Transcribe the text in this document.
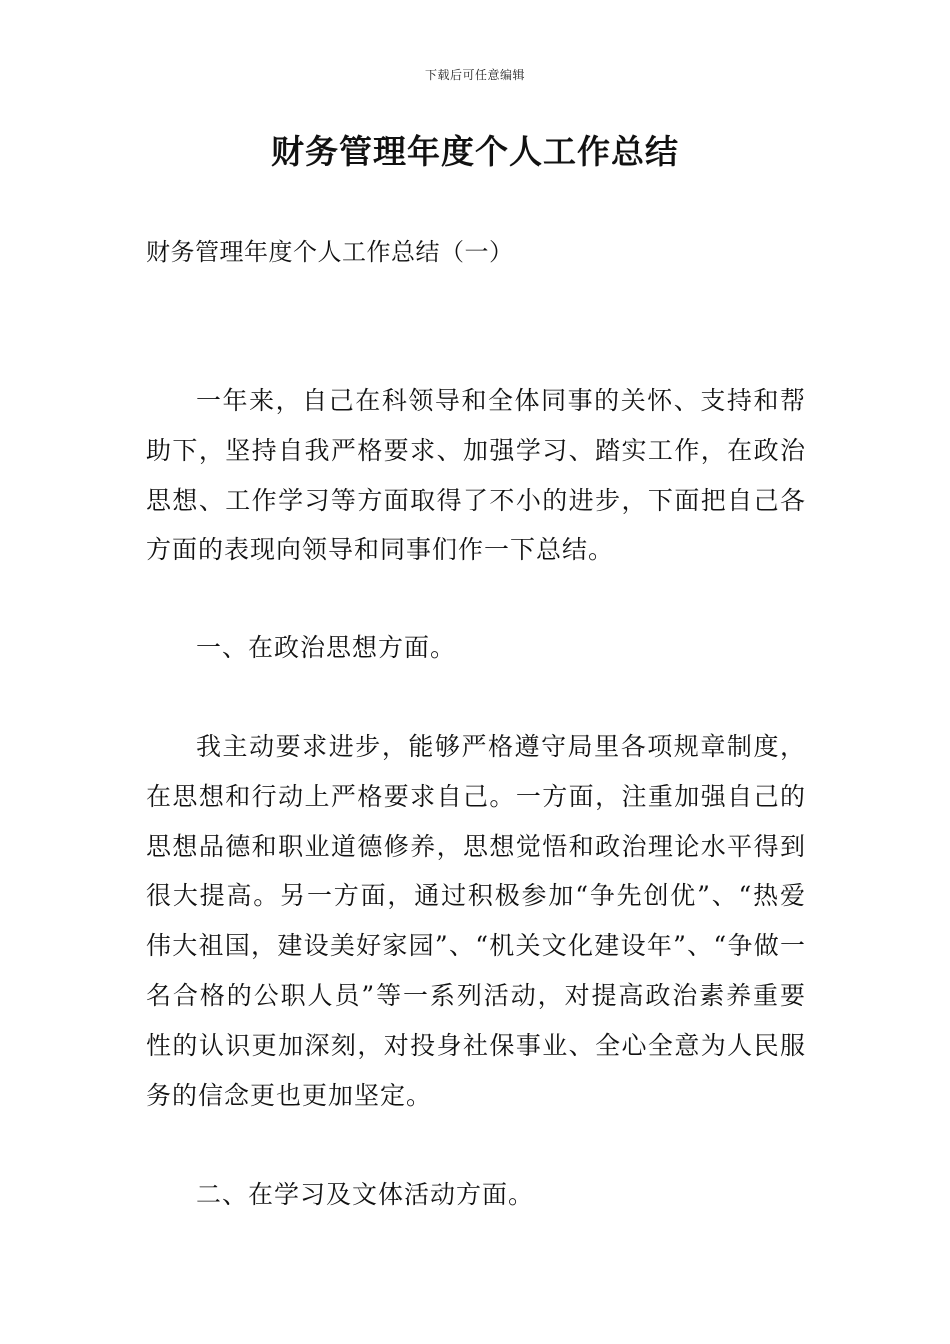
下载后可任意编辑
财务管理年度个人工作总结

财务管理年度个人工作总结（一）

一年来，自己在科领导和全体同事的关怀、支持和帮助下，坚持自我严格要求、加强学习、踏实工作，在政治思想、工作学习等方面取得了不小的进步，下面把自己各方面的表现向领导和同事们作一下总结。

一、在政治思想方面。

我主动要求进步，能够严格遵守局里各项规章制度，在思想和行动上严格要求自己。一方面，注重加强自己的思想品德和职业道德修养，思想觉悟和政治理论水平得到很大提高。另一方面，通过积极参加“争先创优”、“热爱伟大祖国，建设美好家园”、“机关文化建设年”、“争做一名合格的公职人员”等一系列活动，对提高政治素养重要性的认识更加深刻，对投身社保事业、全心全意为人民服务的信念更也更加坚定。

二、在学习及文体活动方面。
